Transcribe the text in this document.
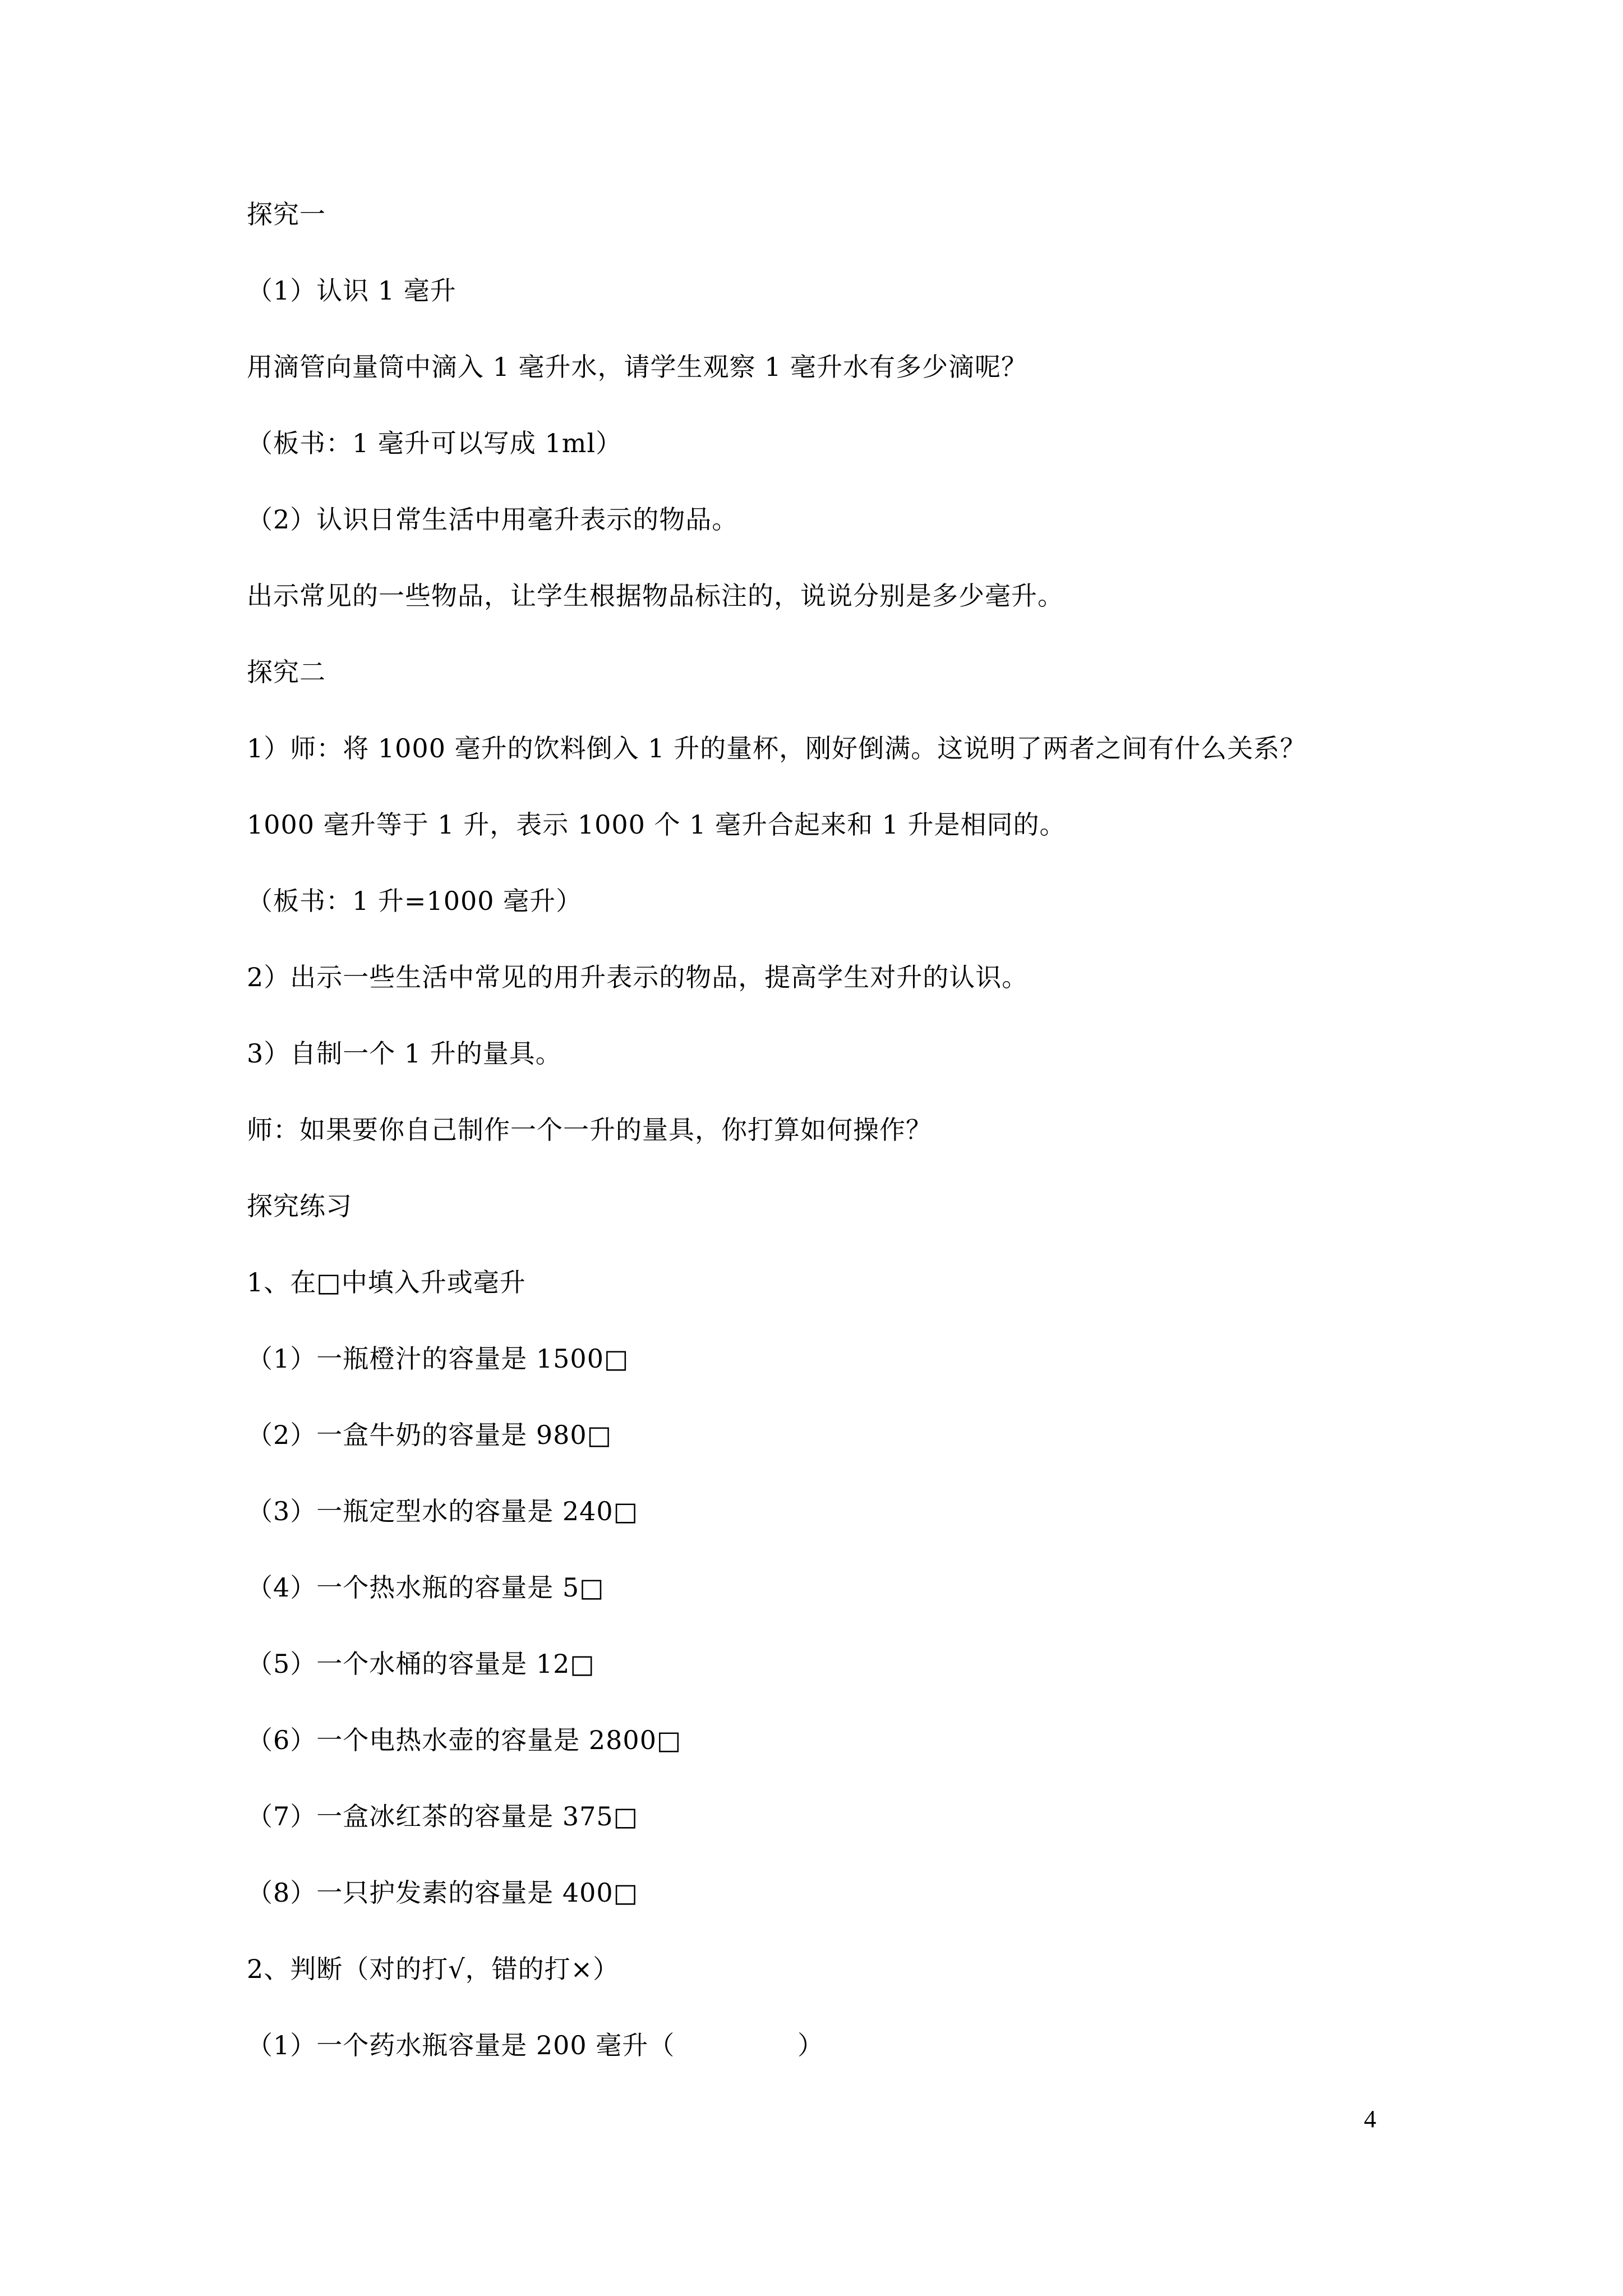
探究一
（1）认识 1 毫升
用滴管向量筒中滴入 1 毫升水，请学生观察 1 毫升水有多少滴呢？
（板书：1 毫升可以写成 1ml）
（2）认识日常生活中用毫升表示的物品。
出示常见的一些物品，让学生根据物品标注的，说说分别是多少毫升。
探究二
1）师：将 1000 毫升的饮料倒入 1 升的量杯，刚好倒满。这说明了两者之间有什么关系？
1000 毫升等于 1 升，表示 1000 个 1 毫升合起来和 1 升是相同的。
（板书：1 升=1000 毫升）
2）出示一些生活中常见的用升表示的物品，提高学生对升的认识。
3）自制一个 1 升的量具。
师：如果要你自己制作一个一升的量具，你打算如何操作？
探究练习
1、在□中填入升或毫升
（1）一瓶橙汁的容量是 1500□
（2）一盒牛奶的容量是 980□
（3）一瓶定型水的容量是 240□
（4）一个热水瓶的容量是 5□
（5）一个水桶的容量是 12□
（6）一个电热水壶的容量是 2800□
（7）一盒冰红茶的容量是 375□
（8）一只护发素的容量是 400□
2、判断（对的打√，错的打×）
（1）一个药水瓶容量是 200 毫升（              ）
4
